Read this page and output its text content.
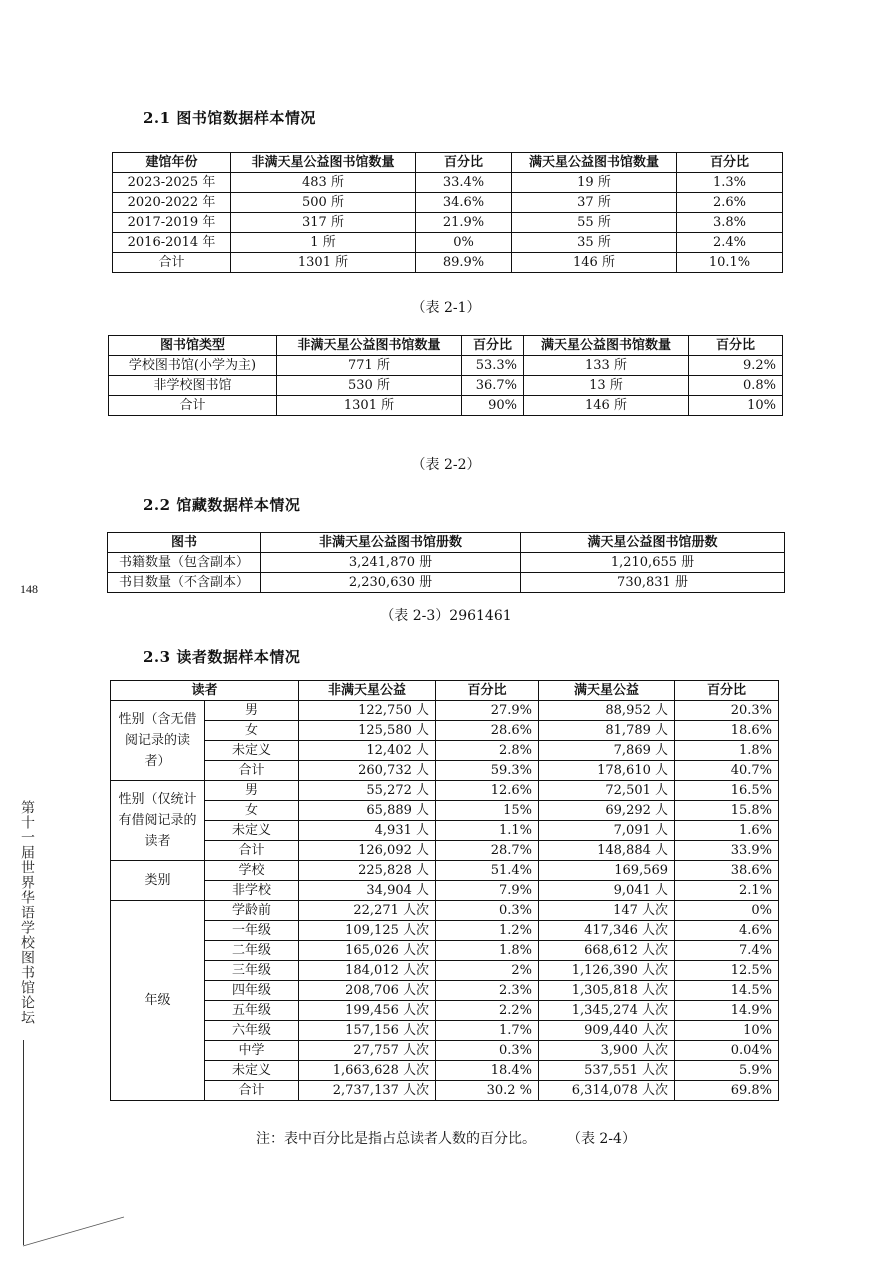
2.1 图书馆数据样本情况
建馆年份	非满天星公益图书馆数量	百分比	满天星公益图书馆数量	百分比
2023-2025 年	483 所	33.4%	19 所	1.3%
2020-2022 年	500 所	34.6%	37 所	2.6%
2017-2019 年	317 所	21.9%	55 所	3.8%
2016-2014 年	1 所	0%	35 所	2.4%
合计	1301 所	89.9%	146 所	10.1%
（表 2-1）
图书馆类型	非满天星公益图书馆数量	百分比	满天星公益图书馆数量	百分比
学校图书馆(小学为主)	771 所	53.3%	133 所	9.2%
非学校图书馆	530 所	36.7%	13 所	0.8%
合计	1301 所	90%	146 所	10%
（表 2-2）
2.2 馆藏数据样本情况
图书	非满天星公益图书馆册数	满天星公益图书馆册数
书籍数量（包含副本）	3,241,870 册	1,210,655 册
书目数量（不含副本）	2,230,630 册	730,831 册
（表 2-3）2961461
148
2.3 读者数据样本情况
读者		非满天星公益	百分比	满天星公益	百分比
性别（含无借阅记录的读者）	男	122,750 人	27.9%	88,952 人	20.3%
	女	125,580 人	28.6%	81,789 人	18.6%
	未定义	12,402 人	2.8%	7,869 人	1.8%
	合计	260,732 人	59.3%	178,610 人	40.7%
性别（仅统计有借阅记录的读者	男	55,272 人	12.6%	72,501 人	16.5%
	女	65,889 人	15%	69,292 人	15.8%
	未定义	4,931 人	1.1%	7,091 人	1.6%
	合计	126,092 人	28.7%	148,884 人	33.9%
类别	学校	225,828 人	51.4%	169,569	38.6%
	非学校	34,904 人	7.9%	9,041 人	2.1%
年级	学龄前	22,271 人次	0.3%	147 人次	0%
	一年级	109,125 人次	1.2%	417,346 人次	4.6%
	二年级	165,026 人次	1.8%	668,612 人次	7.4%
	三年级	184,012 人次	2%	1,126,390 人次	12.5%
	四年级	208,706 人次	2.3%	1,305,818 人次	14.5%
	五年级	199,456 人次	2.2%	1,345,274 人次	14.9%
	六年级	157,156 人次	1.7%	909,440 人次	10%
	中学	27,757 人次	0.3%	3,900 人次	0.04%
	未定义	1,663,628 人次	18.4%	537,551 人次	5.9%
	合计	2,737,137 人次	30.2 %	6,314,078 人次	69.8%
注：表中百分比是指占总读者人数的百分比。 （表 2-4）
第十一届世界华语学校图书馆论坛
